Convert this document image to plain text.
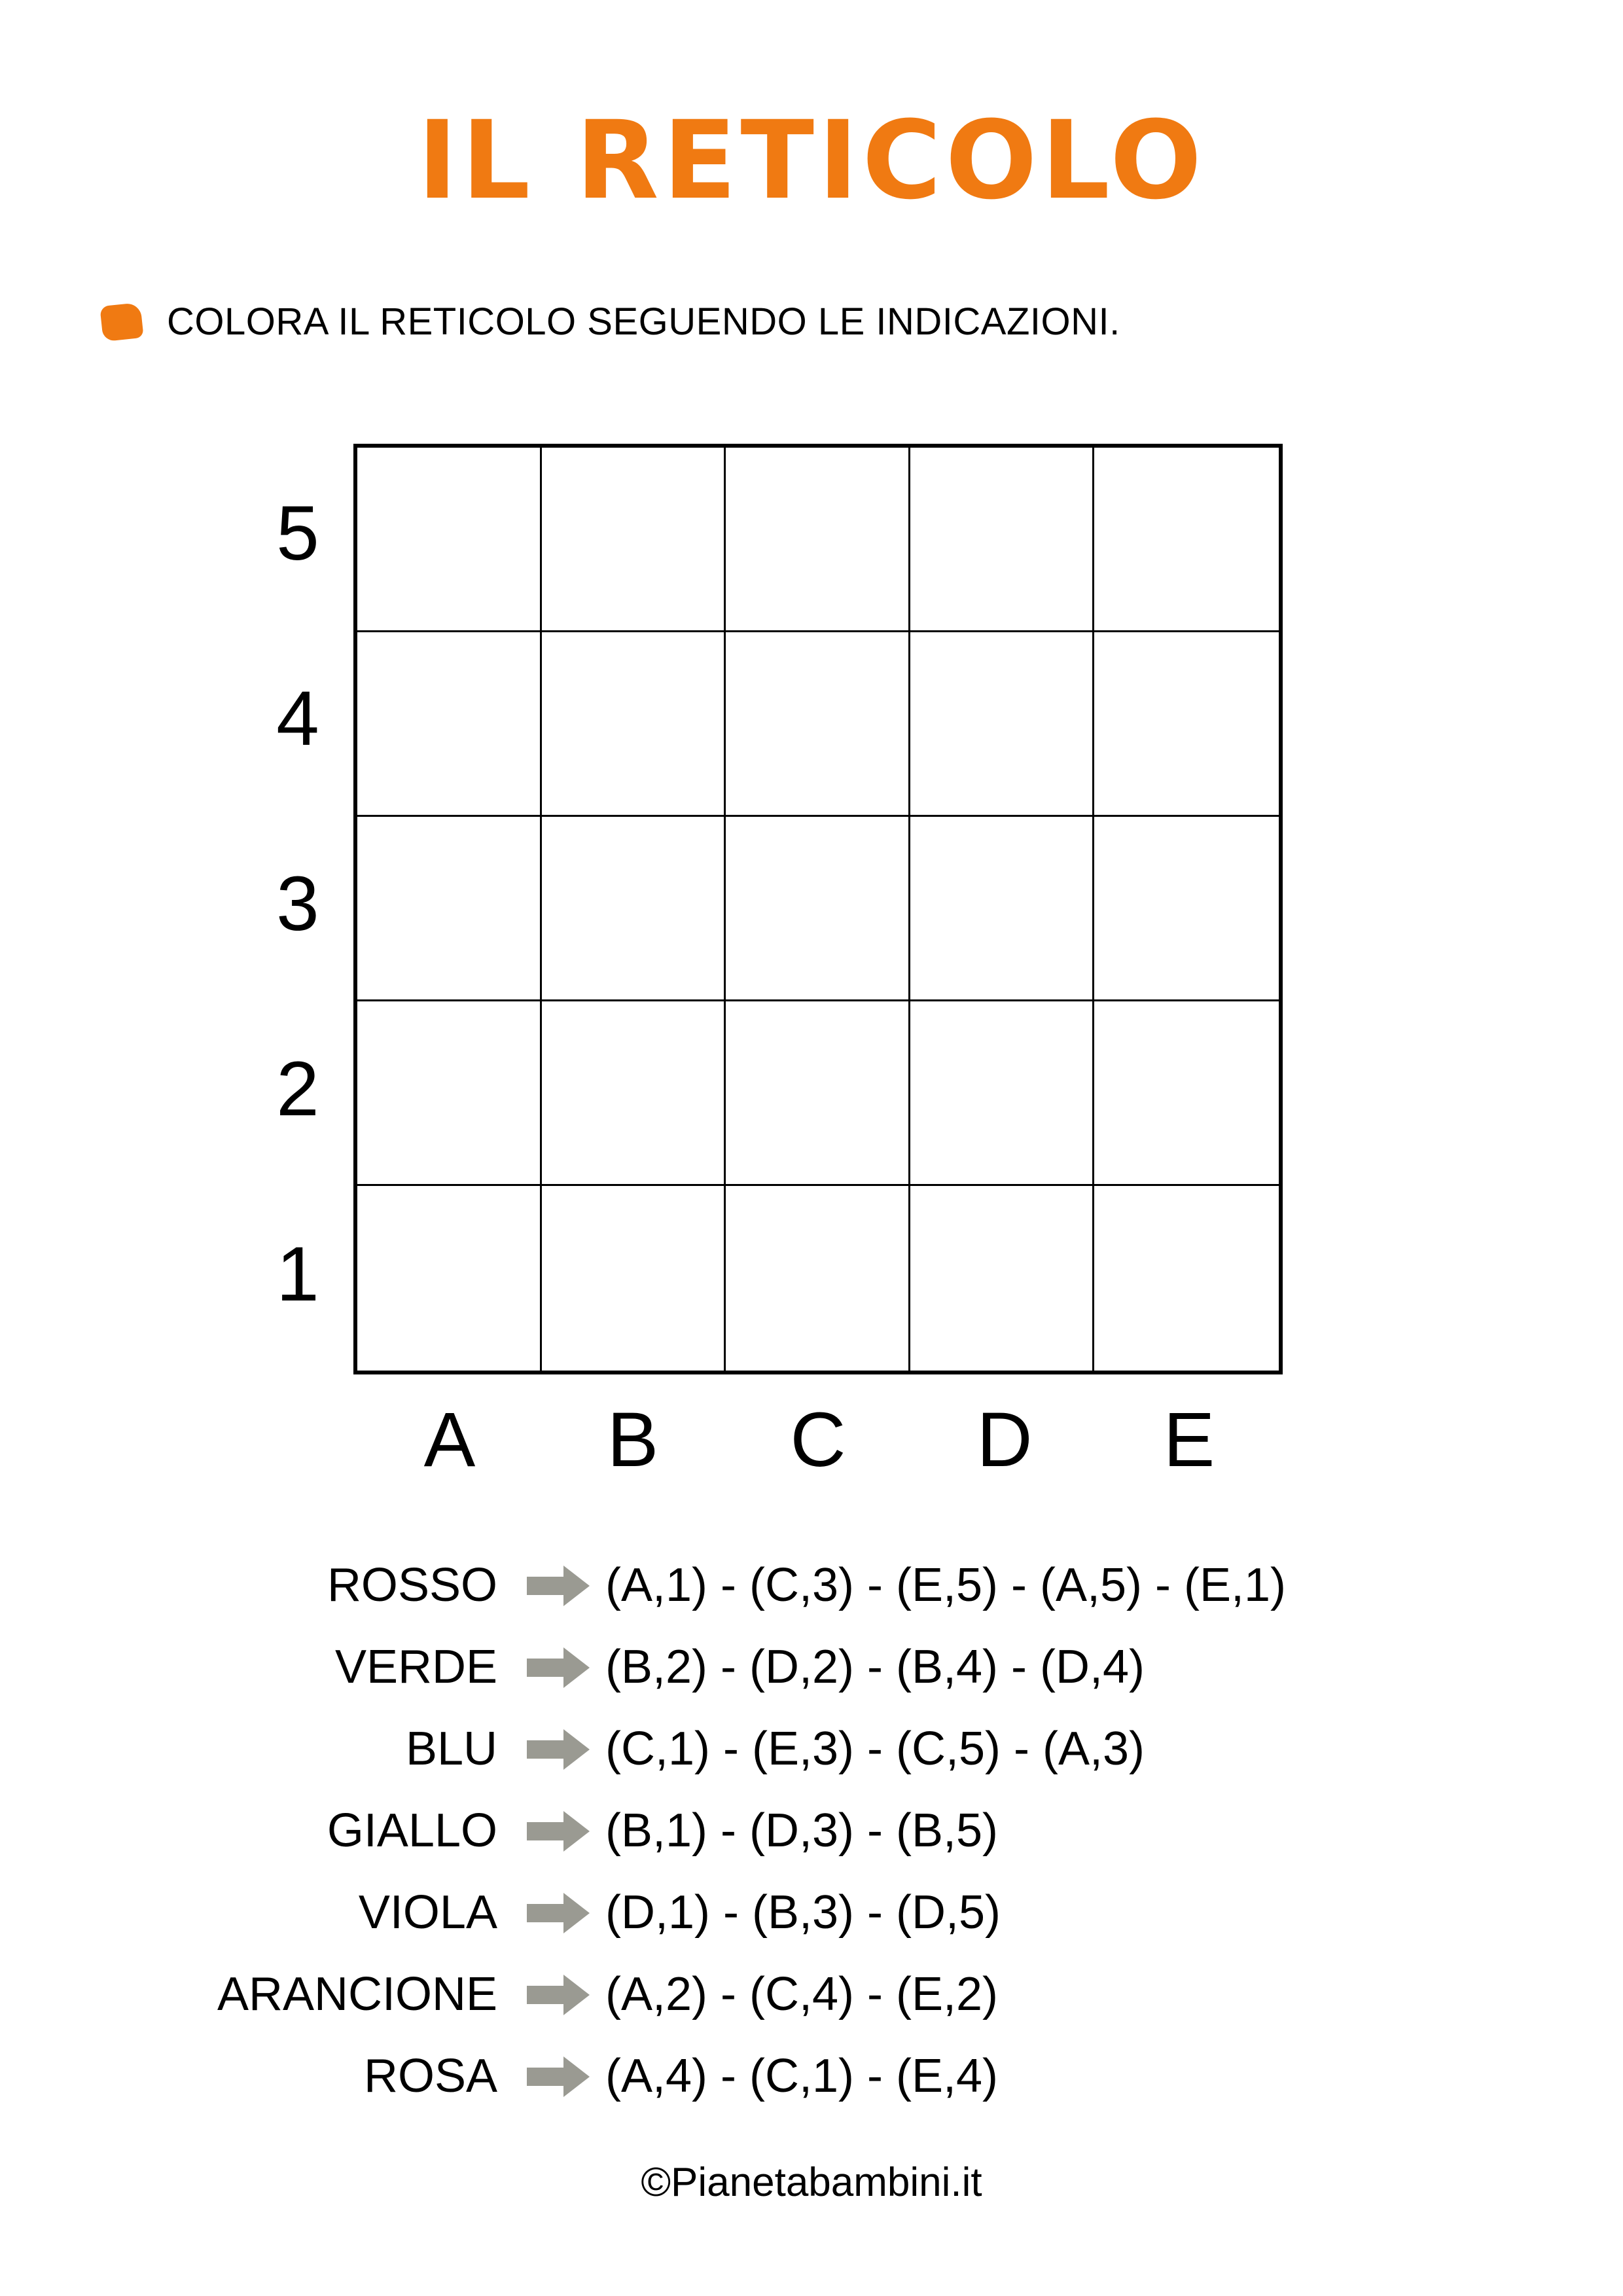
IL RETICOLO
COLORA IL RETICOLO SEGUENDO LE INDICAZIONI.
5
4
3
2
1
A	B	C	D	E
ROSSO (A,1) - (C,3) - (E,5) - (A,5) - (E,1)
VERDE (B,2) - (D,2) - (B,4) - (D,4)
BLU (C,1) - (E,3) - (C,5) - (A,3)
GIALLO (B,1) - (D,3) - (B,5)
VIOLA (D,1) - (B,3) - (D,5)
ARANCIONE (A,2) - (C,4) - (E,2)
ROSA (A,4) - (C,1) - (E,4)
©Pianetabambini.it
